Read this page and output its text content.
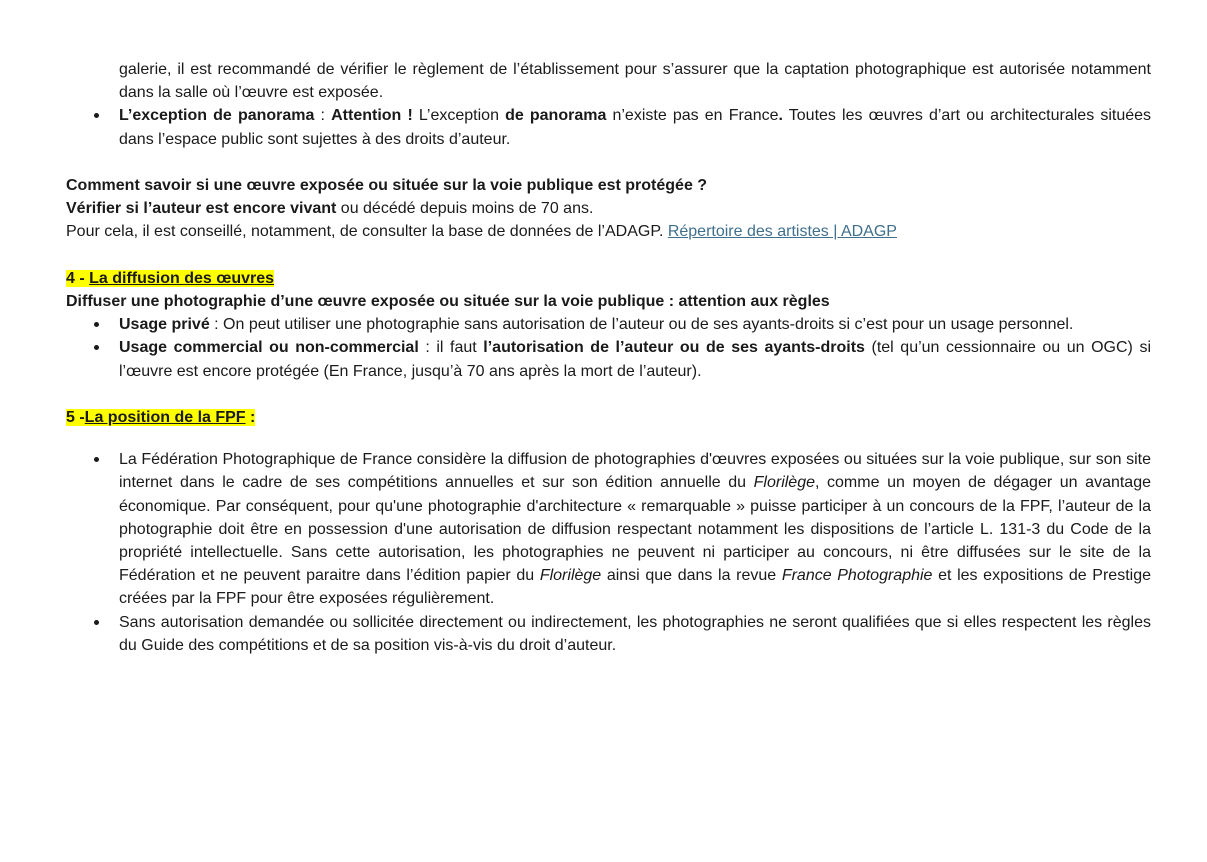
galerie, il est recommandé de vérifier le règlement de l’établissement pour s’assurer que la captation photographique est autorisée notamment dans la salle où l’œuvre est exposée.

L’exception de panorama : Attention ! L’exception de panorama n’existe pas en France. Toutes les œuvres d’art ou architecturales situées dans l’espace public sont sujettes à des droits d’auteur.

Comment savoir si une œuvre exposée ou située sur la voie publique est protégée ?

Vérifier si l’auteur est encore vivant ou décédé depuis moins de 70 ans.

Pour cela, il est conseillé, notamment, de consulter la base de données de l’ADAGP. Répertoire des artistes | ADAGP

4 - La diffusion des œuvres

Diffuser une photographie d’une œuvre exposée ou située sur la voie publique : attention aux règles

Usage privé : On peut utiliser une photographie sans autorisation de l’auteur ou de ses ayants-droits si c’est pour un usage personnel.
Usage commercial ou non-commercial : il faut l’autorisation de l’auteur ou de ses ayants-droits (tel qu’un cessionnaire ou un OGC) si l’œuvre est encore protégée (En France, jusqu’à 70 ans après la mort de l’auteur).

5 -La position de la FPF :

La Fédération Photographique de France considère la diffusion de photographies d'œuvres exposées ou situées sur la voie publique, sur son site internet dans le cadre de ses compétitions annuelles et sur son édition annuelle du Florilège, comme un moyen de dégager un avantage économique. Par conséquent, pour qu'une photographie d'architecture « remarquable » puisse participer à un concours de la FPF, l’auteur de la photographie doit être en possession d'une autorisation de diffusion respectant notamment les dispositions de l’article L. 131-3 du Code de la propriété intellectuelle. Sans cette autorisation, les photographies ne peuvent ni participer au concours, ni être diffusées sur le site de la Fédération et ne peuvent paraitre dans l’édition papier du Florilège ainsi que dans la revue France Photographie et les expositions de Prestige créées par la FPF pour être exposées régulièrement.
Sans autorisation demandée ou sollicitée directement ou indirectement, les photographies ne seront qualifiées que si elles respectent les règles du Guide des compétitions et de sa position vis-à-vis du droit d’auteur.
